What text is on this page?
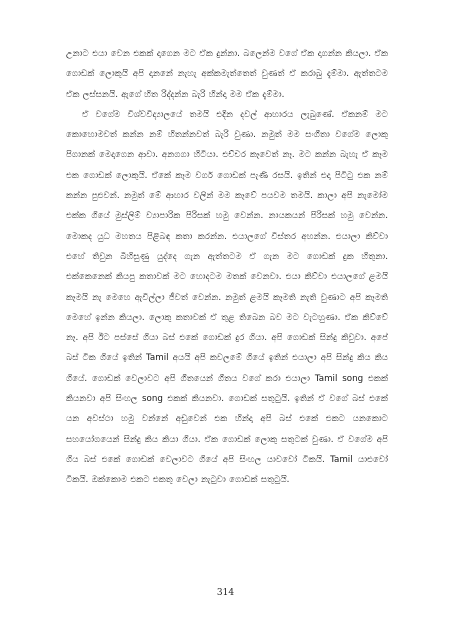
උනාට එයා වෙන එකක් දාගෙන මට ඒක දුන්නා. බලෙන්ම වගේ ඒක දාගන්න කියලා. ඒක ගොඩක් ලොකුයි අපි දානනේ නැහැ අක්කමැත්තෙත් වුණත් ඒ කරාබු දැම්මා. ඇත්තටම ඒක ලස්සනයි. ඇගේ හිත රිද්දන්න බැරි හින්දා මම ඒක දැම්මා.

ඒ වගේම විශ්වවිද්‍යාලයේ තමයි එදින දවල් ආහාරය ලැබුණේ. ඒකනම් මට කොහොමවත් කන්න නම් හිතන්නවත් බැරි වුණා. නමුත් මම සංගීතා වගේම ලොකු පිගානක් මෙදාගෙන ආවා. අනගගා හිටියා. එච්චර කෑවෙත් නෑ. මට කන්න බැහැ ඒ කෑම එක ගොඩක් ලොකුයි. ඒකේ කෑම වර්ග ගොඩක් පැණි රසයි. ඉතින් එදා පිටිටු එක නම් කන්න පුළුවන්. නමුත් මේ ආහාර වලින් මම කෑවේ පයවම තමයි. කාලා අපි නැමෝම එක්ක ගියේ මුස්ලිම් ව්‍යාපාරික පිරිසක් හමු වෙන්න. නායකයන් පිරිසක් හමු වෙන්න. මොකද යුධ මහතය පිළිබඳ කතා කරන්න. එයාලගේ විස්තර අහන්න. එයාලා කිව්වා එහේ තිවුන බිහිසුණු යුද්දෙ ගැන ඇත්තටම ඒ ගැන මට ගොඩක් දුක හිතුනා. එක්කෙනෙක් කියපු කතාවක් මට හොදටම මතක් වෙනවා. එයා කිව්වා එයාලගේ ළමයි කෑමයි නැ මෙහෙ ඇවිල්ලා ජීවත් වෙන්න. නමුත් ළමයි කෑමති නැති වුණාට අපි කෑමති මෙහේ ඉන්න කියලා. ලොකු කතාවක් ඒ තුළ තිබෙන බව මට වැටහුණා. ඒක කිව්වේ නෑ. අපි ඊට පස්සේ ගියා බස් එකේ ගොඩක් දුර ගියා. අපි ගොඩක් සින්දු කිවුවා. අපේ බස් ටික ගියේ ඉතින් Tamil අයයි අපි කවලමේ ගියේ ඉතින් එයාලා අපි සින්දු කිය කිය ගියේ. ගොඩක් වෙලාවට අපි ගීතයෙන් ගීතය වගේ කරා එයාලා Tamil song එකක් කියනවා අපි සිංහල song එකක් කියනවා. ගොඩක් සතුටුයි. ඉතින් ඒ වගේ බස් එකේ යන අවස්ථා හමු වන්නේ අඩුවෙන් එක හින්දා අපි බස් එකේ එකට යනකොට සහයෝගයෙන් සින්දු කිය කියා ගියා. ඒක ගොඩක් ලොකු සතුටක් වුණා. ඒ වගේම අපි ගිය බස් එකේ ගොඩක් වෙලාවට ගියේ අපි සිංහල යාවවෝ ටිකයි. Tamil යාළුවෝ ටිකයි. ඔක්කොම එකට එකතු වෙලා නැටුවා ගොඩක් සතුටුයි.

314
